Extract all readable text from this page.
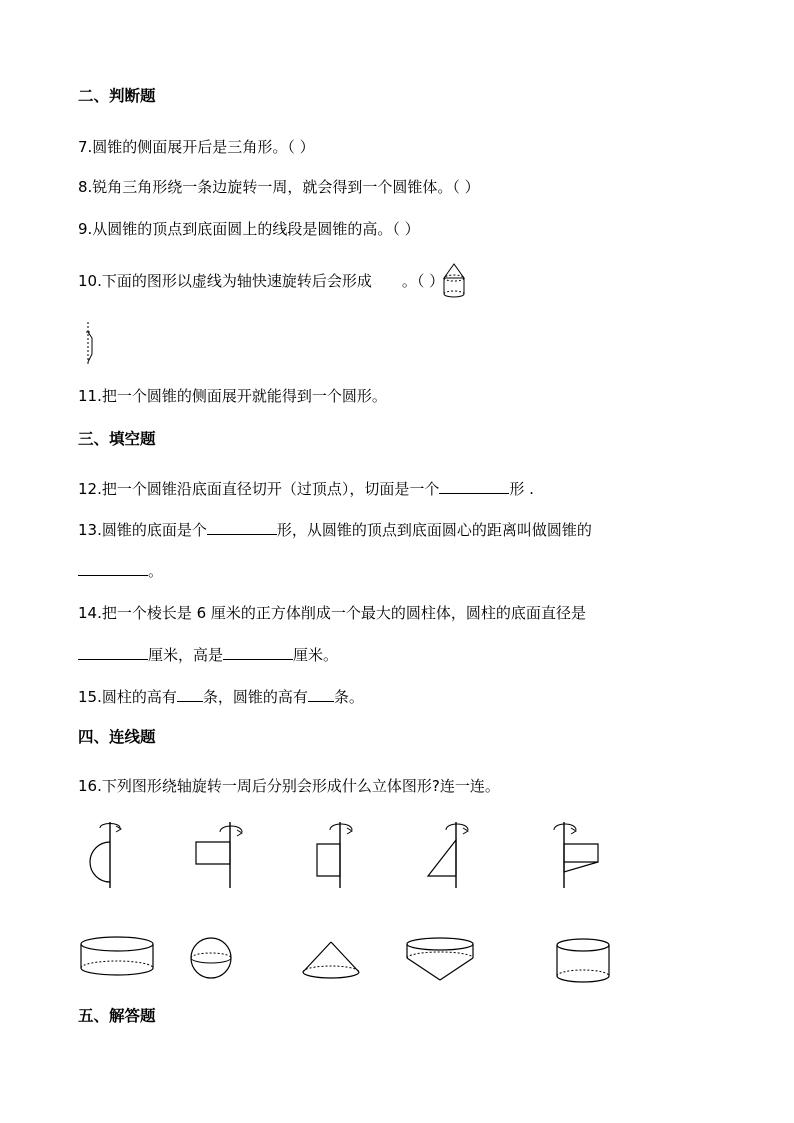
二、判断题
7.圆锥的侧面展开后是三角形。（ ）
8.锐角三角形绕一条边旋转一周，就会得到一个圆锥体。（ ）
9.从圆锥的顶点到底面圆上的线段是圆锥的高。（ ）
10.下面的图形以虚线为轴快速旋转后会形成 。（ ）
11.把一个圆锥的侧面展开就能得到一个圆形。
三、填空题
12.把一个圆锥沿底面直径切开（过顶点），切面是一个	形 .
13.圆锥的底面是个	形，从圆锥的顶点到底面圆心的距离叫做圆锥的
。
14.把一个棱长是 6 厘米的正方体削成一个最大的圆柱体，圆柱的底面直径是
厘米，高是	厘米。
15.圆柱的高有 条，圆锥的高有 条。
四、连线题
16.下列图形绕轴旋转一周后分别会形成什么立体图形?连一连。
五、解答题
